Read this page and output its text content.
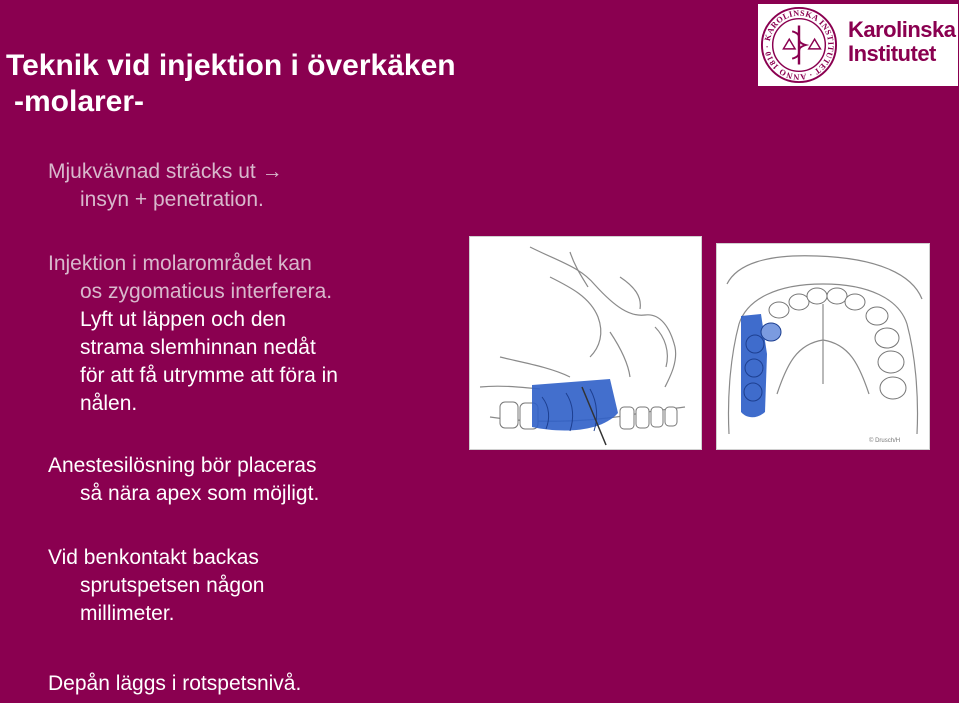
Teknik vid injektion i överkäken
-molarer-
Mjukvävnad sträcks ut →
insyn + penetration.
Injektion i molarområdet kan
os zygomaticus interferera.
Lyft ut läppen och den
strama slemhinnan nedåt
för att få utrymme att föra in
nålen.
Anestesilösning bör placeras
så nära apex som möjligt.
Vid benkontakt backas
sprutspetsen någon
millimeter.
Depån läggs i rotspetsnivå.
KAROLINSKA INSTITUTET · ANNO 1810 ·
Karolinska
Institutet
© Drusch/H
